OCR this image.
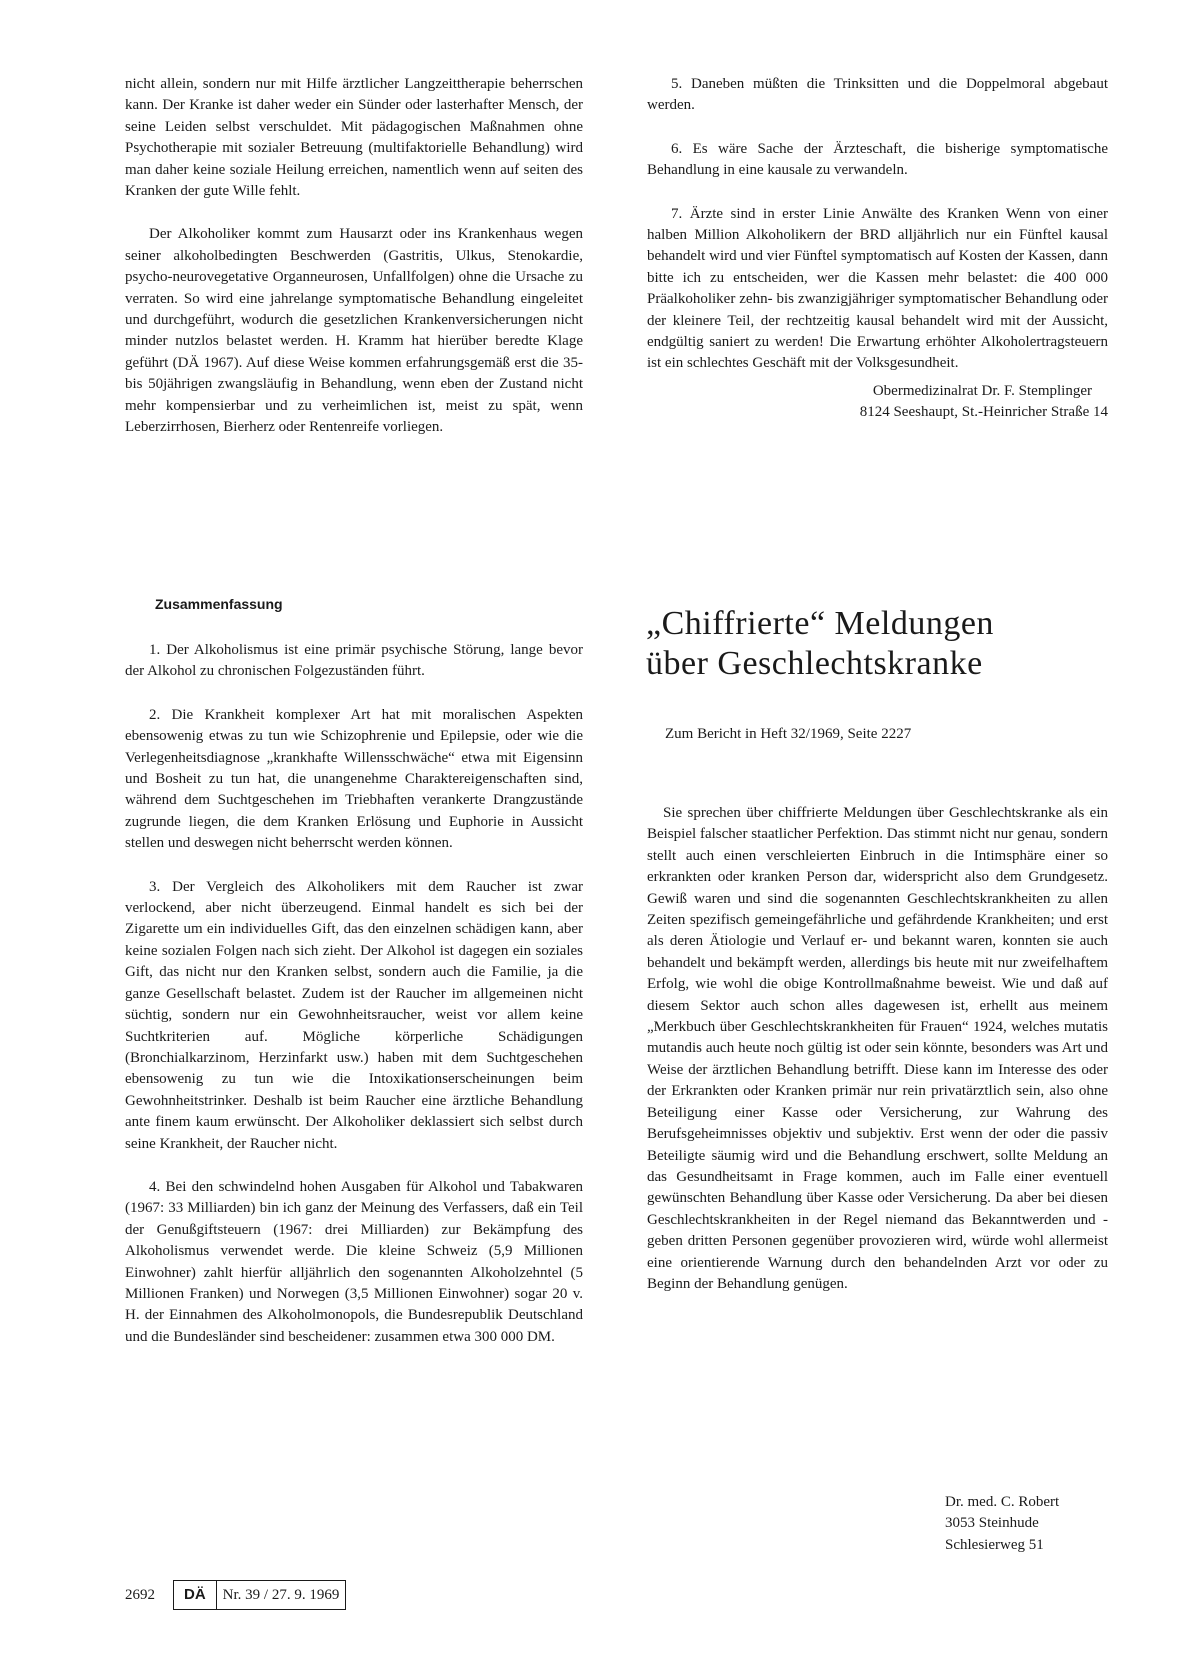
nicht allein, sondern nur mit Hilfe ärztlicher Langzeittherapie beherrschen kann. Der Kranke ist daher weder ein Sünder oder lasterhafter Mensch, der seine Leiden selbst verschuldet. Mit pädagogischen Maßnahmen ohne Psychotherapie mit sozialer Betreuung (multifaktorielle Behandlung) wird man daher keine soziale Heilung erreichen, namentlich wenn auf seiten des Kranken der gute Wille fehlt.

Der Alkoholiker kommt zum Hausarzt oder ins Krankenhaus wegen seiner alkoholbedingten Beschwerden (Gastritis, Ulkus, Stenokardie, psycho-neurovegetative Organneurosen, Unfallfolgen) ohne die Ursache zu verraten. So wird eine jahrelange symptomatische Behandlung eingeleitet und durchgeführt, wodurch die gesetzlichen Krankenversicherungen nicht minder nutzlos belastet werden. H. Kramm hat hierüber beredte Klage geführt (DÄ 1967). Auf diese Weise kommen erfahrungsgemäß erst die 35- bis 50jährigen zwangsläufig in Behandlung, wenn eben der Zustand nicht mehr kompensierbar und zu verheimlichen ist, meist zu spät, wenn Leberzirrhosen, Bierherz oder Rentenreife vorliegen.

Zusammenfassung

1. Der Alkoholismus ist eine primär psychische Störung, lange bevor der Alkohol zu chronischen Folgezuständen führt.

2. Die Krankheit komplexer Art hat mit moralischen Aspekten ebensowenig etwas zu tun wie Schizophrenie und Epilepsie, oder wie die Verlegenheitsdiagnose „krankhafte Willensschwäche“ etwa mit Eigensinn und Bosheit zu tun hat, die unangenehme Charaktereigenschaften sind, während dem Suchtgeschehen im Triebhaften verankerte Drangzustände zugrunde liegen, die dem Kranken Erlösung und Euphorie in Aussicht stellen und deswegen nicht beherrscht werden können.

3. Der Vergleich des Alkoholikers mit dem Raucher ist zwar verlockend, aber nicht überzeugend. Einmal handelt es sich bei der Zigarette um ein individuelles Gift, das den einzelnen schädigen kann, aber keine sozialen Folgen nach sich zieht. Der Alkohol ist dagegen ein soziales Gift, das nicht nur den Kranken selbst, sondern auch die Familie, ja die ganze Gesellschaft belastet. Zudem ist der Raucher im allgemeinen nicht süchtig, sondern nur ein Gewohnheitsraucher, weist vor allem keine Suchtkriterien auf. Mögliche körperliche Schädigungen (Bronchialkarzinom, Herzinfarkt usw.) haben mit dem Suchtgeschehen ebensowenig zu tun wie die Intoxikationserscheinungen beim Gewohnheitstrinker. Deshalb ist beim Raucher eine ärztliche Behandlung ante finem kaum erwünscht. Der Alkoholiker deklassiert sich selbst durch seine Krankheit, der Raucher nicht.

4. Bei den schwindelnd hohen Ausgaben für Alkohol und Tabakwaren (1967: 33 Milliarden) bin ich ganz der Meinung des Verfassers, daß ein Teil der Genußgiftsteuern (1967: drei Milliarden) zur Bekämpfung des Alkoholismus verwendet werde. Die kleine Schweiz (5,9 Millionen Einwohner) zahlt hierfür alljährlich den sogenannten Alkoholzehntel (5 Millionen Franken) und Norwegen (3,5 Millionen Einwohner) sogar 20 v. H. der Einnahmen des Alkoholmonopols, die Bundesrepublik Deutschland und die Bundesländer sind bescheidener: zusammen etwa 300 000 DM.

5. Daneben müßten die Trinksitten und die Doppelmoral abgebaut werden.

6. Es wäre Sache der Ärzteschaft, die bisherige symptomatische Behandlung in eine kausale zu verwandeln.

7. Ärzte sind in erster Linie Anwälte des Kranken Wenn von einer halben Million Alkoholikern der BRD alljährlich nur ein Fünftel kausal behandelt wird und vier Fünftel symptomatisch auf Kosten der Kassen, dann bitte ich zu entscheiden, wer die Kassen mehr belastet: die 400 000 Präalkoholiker zehn- bis zwanzigjähriger symptomatischer Behandlung oder der kleinere Teil, der rechtzeitig kausal behandelt wird mit der Aussicht, endgültig saniert zu werden! Die Erwartung erhöhter Alkoholertragsteuern ist ein schlechtes Geschäft mit der Volksgesundheit.

Obermedizinalrat Dr. F. Stemplinger
8124 Seeshaupt, St.-Heinricher Straße 14

„Chiffrierte“ Meldungen
über Geschlechtskranke
Zum Bericht in Heft 32/1969, Seite 2227

Sie sprechen über chiffrierte Meldungen über Geschlechtskranke als ein Beispiel falscher staatlicher Perfektion. Das stimmt nicht nur genau, sondern stellt auch einen verschleierten Einbruch in die Intimsphäre einer so erkrankten oder kranken Person dar, widerspricht also dem Grundgesetz. Gewiß waren und sind die sogenannten Geschlechtskrankheiten zu allen Zeiten spezifisch gemeingefährliche und gefährdende Krankheiten; und erst als deren Ätiologie und Verlauf er- und bekannt waren, konnten sie auch behandelt und bekämpft werden, allerdings bis heute mit nur zweifelhaftem Erfolg, wie wohl die obige Kontrollmaßnahme beweist. Wie und daß auf diesem Sektor auch schon alles dagewesen ist, erhellt aus meinem „Merkbuch über Geschlechtskrankheiten für Frauen“ 1924, welches mutatis mutandis auch heute noch gültig ist oder sein könnte, besonders was Art und Weise der ärztlichen Behandlung betrifft. Diese kann im Interesse des oder der Erkrankten oder Kranken primär nur rein privatärztlich sein, also ohne Beteiligung einer Kasse oder Versicherung, zur Wahrung des Berufsgeheimnisses objektiv und subjektiv. Erst wenn der oder die passiv Beteiligte säumig wird und die Behandlung erschwert, sollte Meldung an das Gesundheitsamt in Frage kommen, auch im Falle einer eventuell gewünschten Behandlung über Kasse oder Versicherung. Da aber bei diesen Geschlechtskrankheiten in der Regel niemand das Bekanntwerden und -geben dritten Personen gegenüber provozieren wird, würde wohl allermeist eine orientierende Warnung durch den behandelnden Arzt vor oder zu Beginn der Behandlung genügen.

Dr. med. C. Robert
3053 Steinhude
Schlesierweg 51
2692	DÄ	Nr. 39 / 27. 9. 1969
